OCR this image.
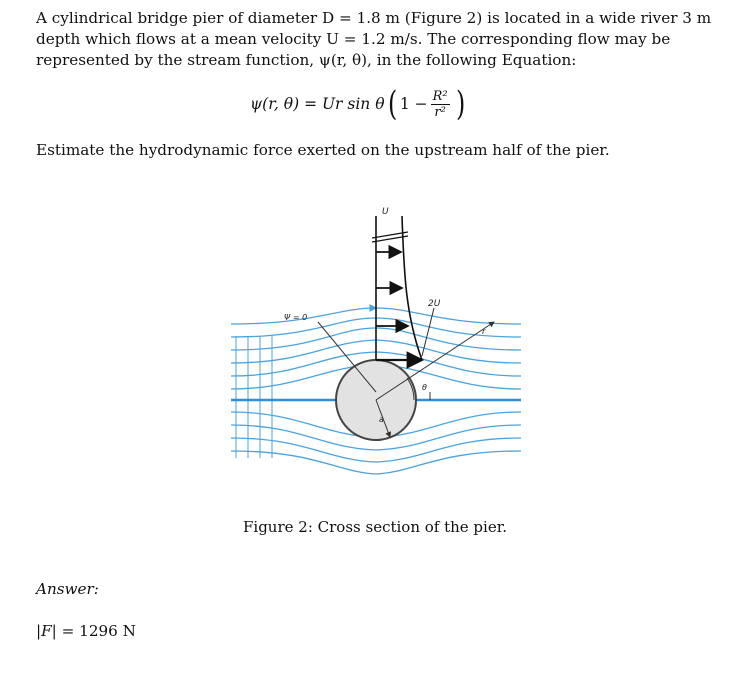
A cylindrical bridge pier of diameter D = 1.8 m (Figure 2) is located in a wide river 3 m depth which flows at a mean velocity U = 1.2 m/s. The corresponding flow may be represented by the stream function, ψ(r, θ), in the following Equation:

ψ(r, θ) = Ur sin θ ( $1 - \frac{\text{R²}}{\text{r²}}$ )

Estimate the hydrodynamic force exerted on the upstream half of the pier.

U
2U
Ψ = 0
r
θ
a
Figure 2: Cross section of the pier.
Answer:
|F| = 1296 N
